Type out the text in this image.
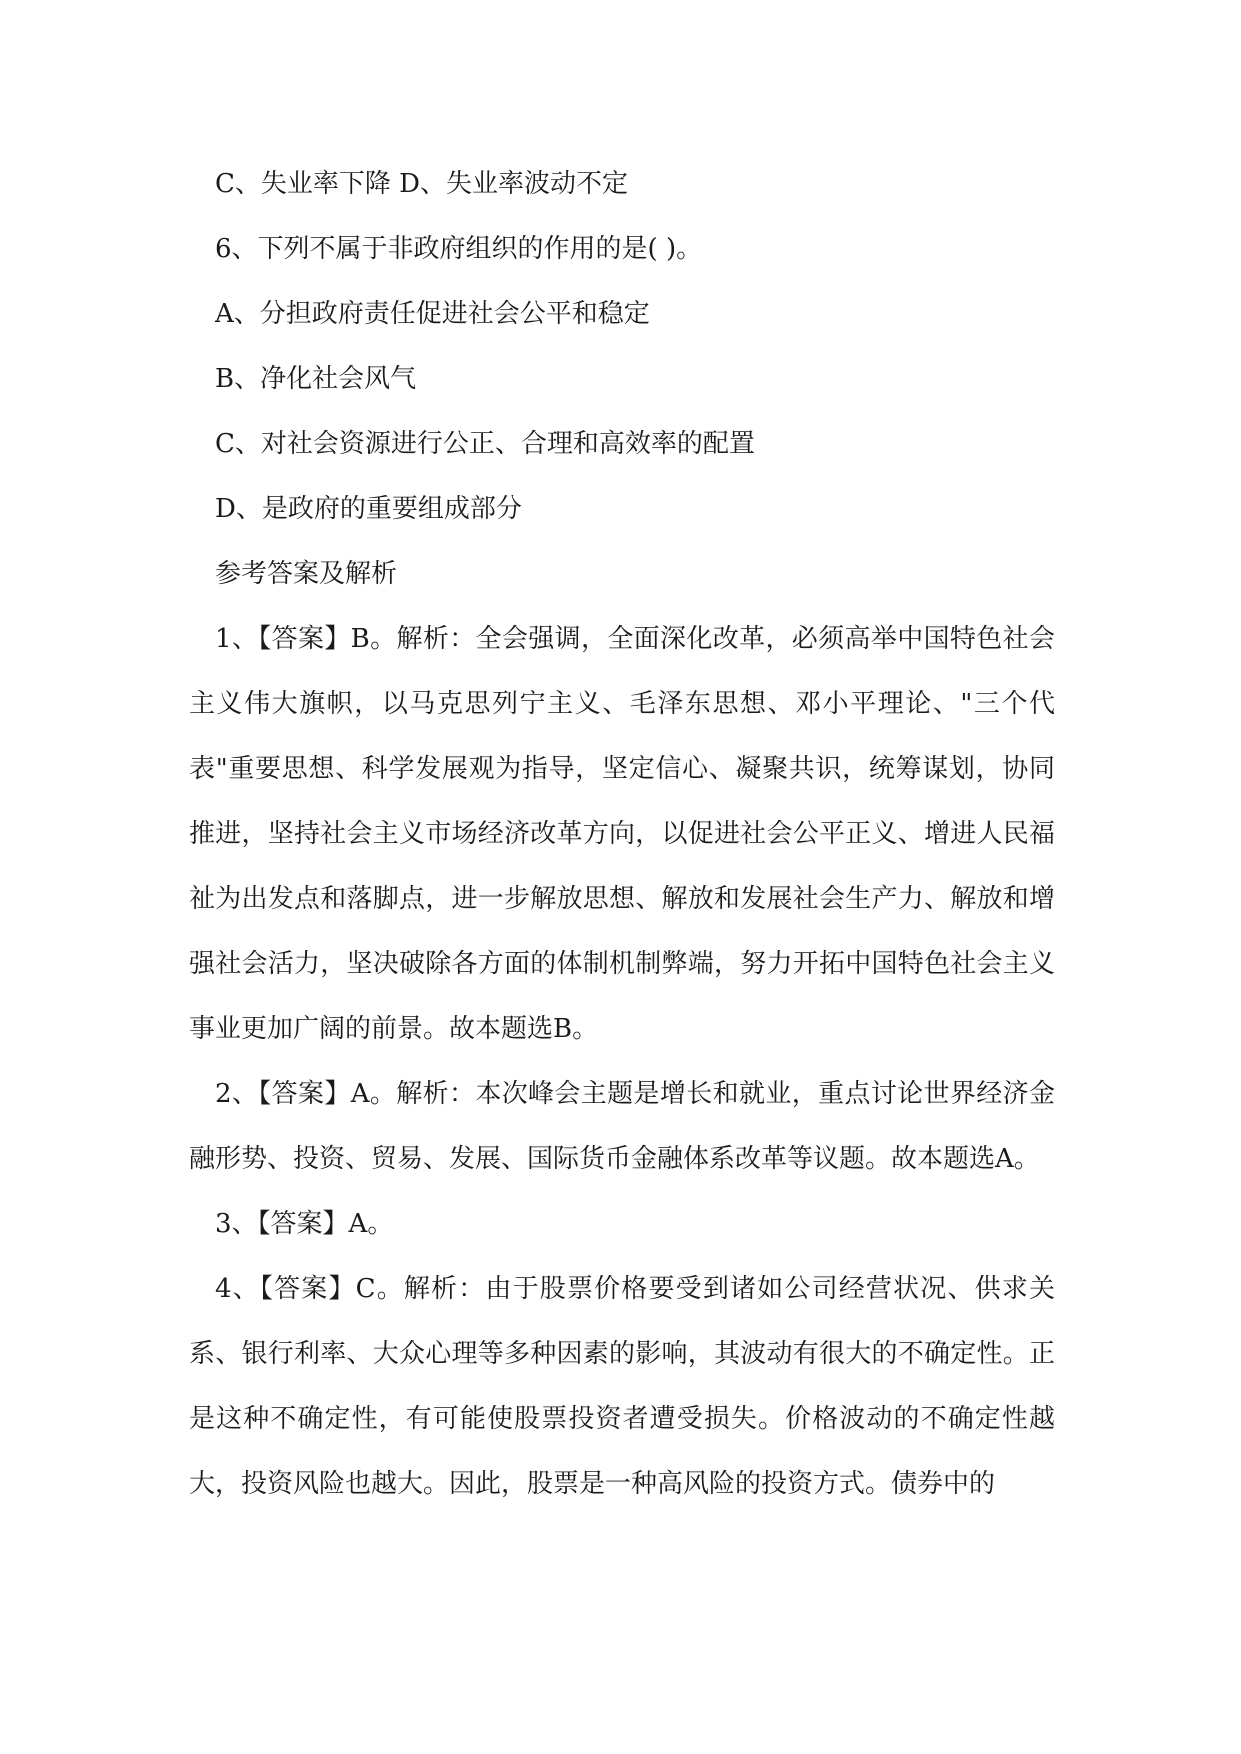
C、失业率下降 D、失业率波动不定

6、下列不属于非政府组织的作用的是( )。

A、分担政府责任促进社会公平和稳定

B、净化社会风气

C、对社会资源进行公正、合理和高效率的配置

D、是政府的重要组成部分

参考答案及解析

1、【答案】B。解析：全会强调，全面深化改革，必须高举中国特色社会主义伟大旗帜，以马克思列宁主义、毛泽东思想、邓小平理论、"三个代表"重要思想、科学发展观为指导，坚定信心、凝聚共识，统筹谋划，协同推进，坚持社会主义市场经济改革方向，以促进社会公平正义、增进人民福祉为出发点和落脚点，进一步解放思想、解放和发展社会生产力、解放和增强社会活力，坚决破除各方面的体制机制弊端，努力开拓中国特色社会主义事业更加广阔的前景。故本题选B。

2、【答案】A。解析：本次峰会主题是增长和就业，重点讨论世界经济金融形势、投资、贸易、发展、国际货币金融体系改革等议题。故本题选A。

3、【答案】A。

4、【答案】C。解析：由于股票价格要受到诸如公司经营状况、供求关系、银行利率、大众心理等多种因素的影响，其波动有很大的不确定性。正是这种不确定性，有可能使股票投资者遭受损失。价格波动的不确定性越大，投资风险也越大。因此，股票是一种高风险的投资方式。债券中的
